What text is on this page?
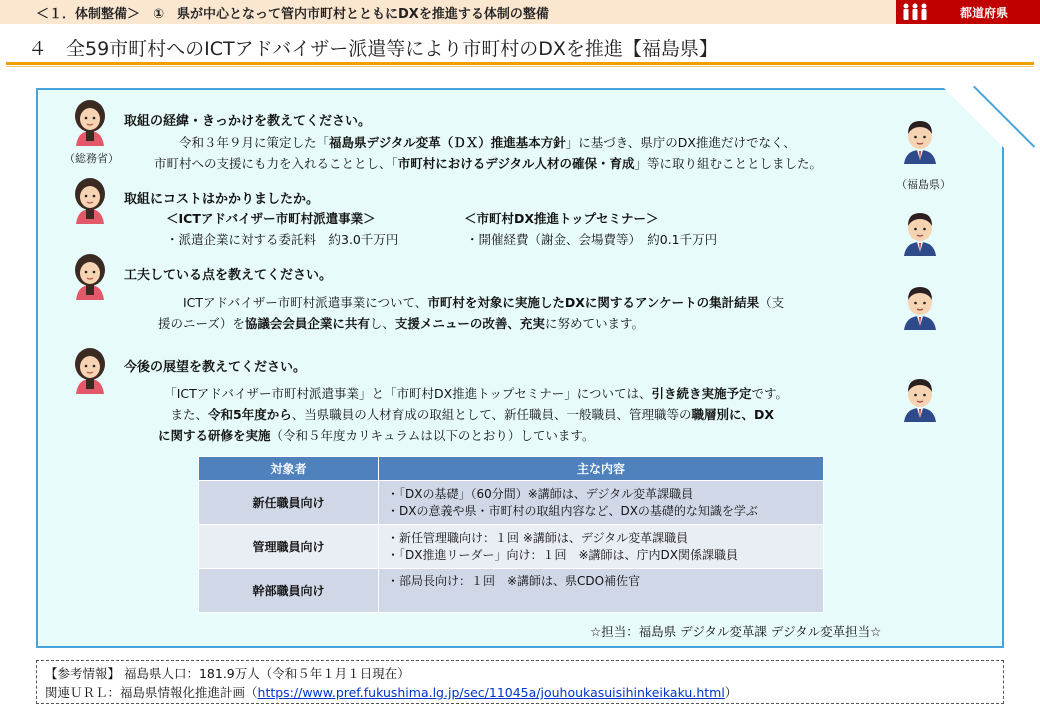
＜１．体制整備＞　①　県が中心となって管内市町村とともにDXを推進する体制の整備	都道府県
４　全59市町村へのICTアドバイザー派遣等により市町村のDXを推進【福島県】
（総務省）
（福島県）
取組の経緯・きっかけを教えてください。
　　令和３年９月に策定した「福島県デジタル変革（ＤＸ）推進基本方針」に基づき、県庁のDX推進だけでなく、
市町村への支援にも力を入れることとし、「市町村におけるデジタル人材の確保・育成」等に取り組むこととしました。
取組にコストはかかりましたか。
＜ICTアドバイザー市町村派遣事業＞	＜市町村DX推進トップセミナー＞
・派遣企業に対する委託料　約3.0千万円	・開催経費（謝金、会場費等）　約0.1千万円
工夫している点を教えてください。
　　ICTアドバイザー市町村派遣事業について、市町村を対象に実施したDXに関するアンケートの集計結果（支
援のニーズ）を協議会会員企業に共有し、支援メニューの改善、充実に努めています。
今後の展望を教えてください。
　「ICTアドバイザー市町村派遣事業」と「市町村DX推進トップセミナー」については、引き続き実施予定です。
　また、令和5年度から、当県職員の人材育成の取組として、新任職員、一般職員、管理職等の職層別に、DX
に関する研修を実施（令和５年度カリキュラムは以下のとおり）しています。
対象者	主な内容
新任職員向け	・「DXの基礎」（60分間）※講師は、デジタル変革課職員
・DXの意義や県・市町村の取組内容など、DXの基礎的な知識を学ぶ

管理職員向け	・新任管理職向け：１回 ※講師は、デジタル変革課職員
・「DX推進リーダー」向け：１回　※講師は、庁内DX関係課職員

幹部職員向け	・部局長向け：１回　※講師は、県CDO補佐官
☆担当：福島県 デジタル変革課 デジタル変革担当☆
【参考情報】 福島県人口：181.9万人（令和５年１月１日現在）
関連ＵＲＬ：福島県情報化推進計画（https://www.pref.fukushima.lg.jp/sec/11045a/jouhoukasuisihinkeikaku.html）
